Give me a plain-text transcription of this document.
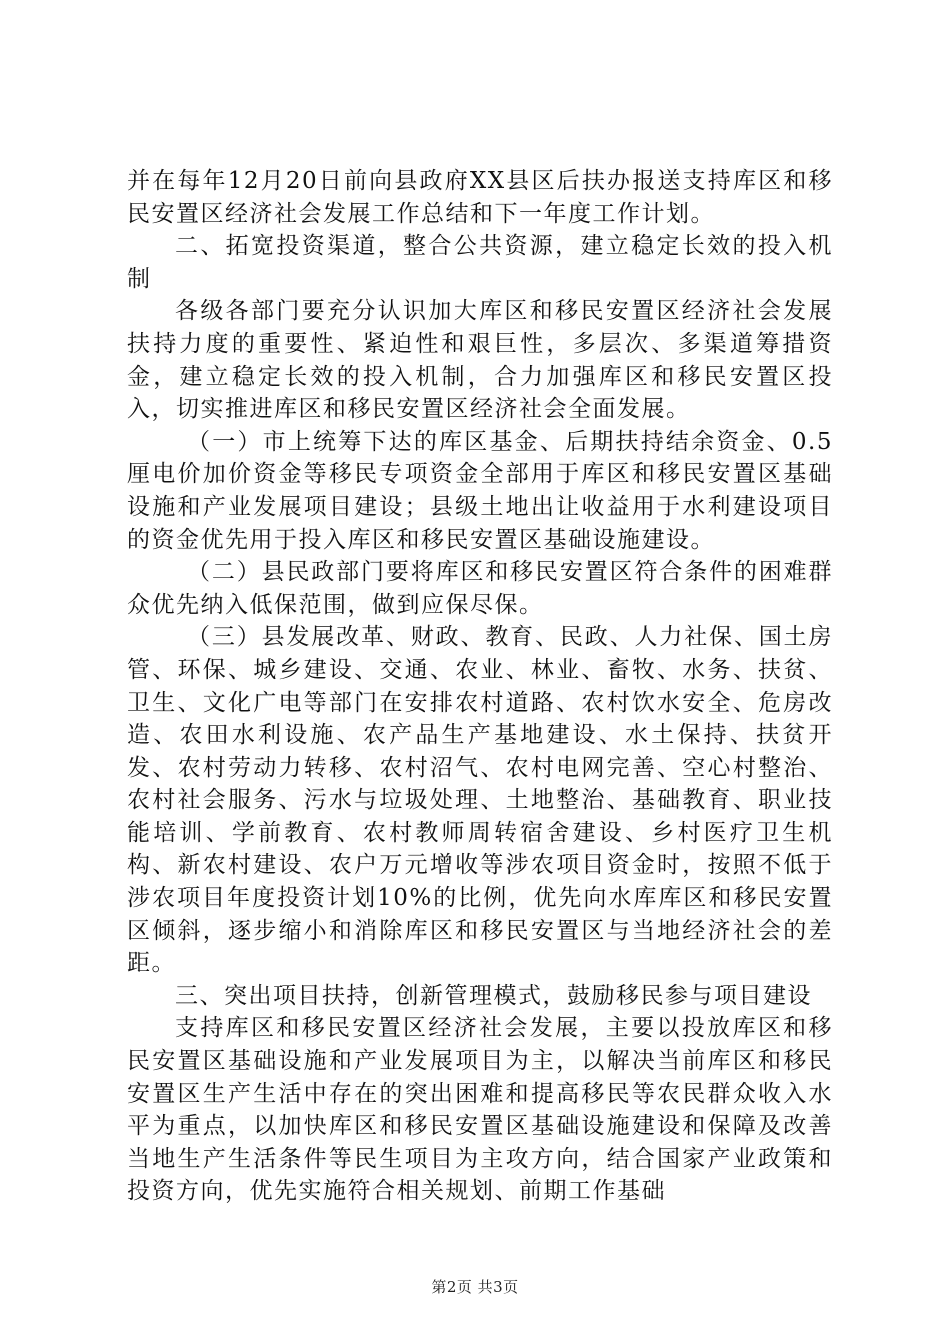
并在每年12月20日前向县政府XX县区后扶办报送支持库区和移民安置区经济社会发展工作总结和下一年度工作计划。

二、拓宽投资渠道，整合公共资源，建立稳定长效的投入机制

各级各部门要充分认识加大库区和移民安置区经济社会发展扶持力度的重要性、紧迫性和艰巨性，多层次、多渠道筹措资金，建立稳定长效的投入机制，合力加强库区和移民安置区投入，切实推进库区和移民安置区经济社会全面发展。

（一）市上统筹下达的库区基金、后期扶持结余资金、0.5厘电价加价资金等移民专项资金全部用于库区和移民安置区基础设施和产业发展项目建设；县级土地出让收益用于水利建设项目的资金优先用于投入库区和移民安置区基础设施建设。

（二）县民政部门要将库区和移民安置区符合条件的困难群众优先纳入低保范围，做到应保尽保。

（三）县发展改革、财政、教育、民政、人力社保、国土房管、环保、城乡建设、交通、农业、林业、畜牧、水务、扶贫、卫生、文化广电等部门在安排农村道路、农村饮水安全、危房改造、农田水利设施、农产品生产基地建设、水土保持、扶贫开发、农村劳动力转移、农村沼气、农村电网完善、空心村整治、农村社会服务、污水与垃圾处理、土地整治、基础教育、职业技能培训、学前教育、农村教师周转宿舍建设、乡村医疗卫生机构、新农村建设、农户万元增收等涉农项目资金时，按照不低于涉农项目年度投资计划10%的比例，优先向水库库区和移民安置区倾斜，逐步缩小和消除库区和移民安置区与当地经济社会的差距。

三、突出项目扶持，创新管理模式，鼓励移民参与项目建设

支持库区和移民安置区经济社会发展，主要以投放库区和移民安置区基础设施和产业发展项目为主，以解决当前库区和移民安置区生产生活中存在的突出困难和提高移民等农民群众收入水平为重点，以加快库区和移民安置区基础设施建设和保障及改善当地生产生活条件等民生项目为主攻方向，结合国家产业政策和投资方向，优先实施符合相关规划、前期工作基础

第2页 共3页
